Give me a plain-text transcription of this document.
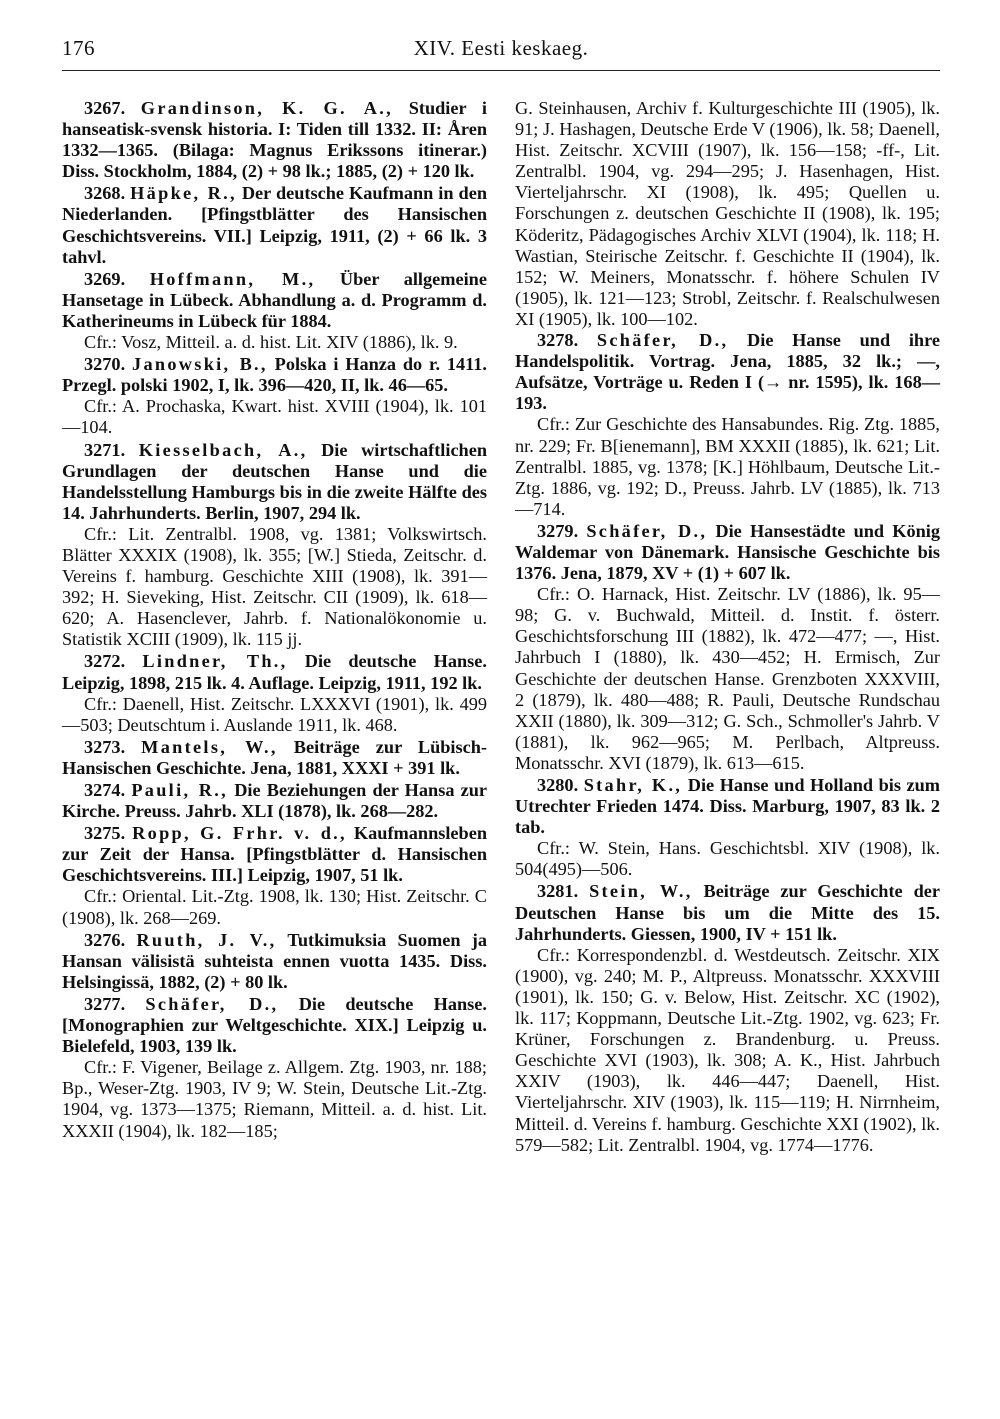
176	XIV. Eesti keskaeg.

3267. Grandinson, K. G. A., Studier i hanseatisk-svensk historia. I: Tiden till 1332. II: Åren 1332—1365. (Bilaga: Magnus Erikssons itinerar.) Diss. Stockholm, 1884, (2) + 98 lk.; 1885, (2) + 120 lk.

3268. Häpke, R., Der deutsche Kaufmann in den Niederlanden. [Pfingstblätter des Hansischen Geschichtsvereins. VII.] Leipzig, 1911, (2) + 66 lk. 3 tahvl.

3269. Hoffmann, M., Über allgemeine Hansetage in Lübeck. Abhandlung a. d. Programm d. Katherineums in Lübeck für 1884.

Cfr.: Vosz, Mitteil. a. d. hist. Lit. XIV (1886), lk. 9.

3270. Janowski, B., Polska i Hanza do r. 1411. Przegl. polski 1902, I, lk. 396—420, II, lk. 46—65.

Cfr.: A. Prochaska, Kwart. hist. XVIII (1904), lk. 101—104.

3271. Kiesselbach, A., Die wirtschaftlichen Grundlagen der deutschen Hanse und die Handelsstellung Hamburgs bis in die zweite Hälfte des 14. Jahrhunderts. Berlin, 1907, 294 lk.

Cfr.: Lit. Zentralbl. 1908, vg. 1381; Volkswirtsch. Blätter XXXIX (1908), lk. 355; [W.] Stieda, Zeitschr. d. Vereins f. hamburg. Geschichte XIII (1908), lk. 391—392; H. Sieveking, Hist. Zeitschr. CII (1909), lk. 618—620; A. Hasenclever, Jahrb. f. Nationalökonomie u. Statistik XCIII (1909), lk. 115 jj.

3272. Lindner, Th., Die deutsche Hanse. Leipzig, 1898, 215 lk. 4. Auflage. Leipzig, 1911, 192 lk.

Cfr.: Daenell, Hist. Zeitschr. LXXXVI (1901), lk. 499—503; Deutschtum i. Auslande 1911, lk. 468.

3273. Mantels, W., Beiträge zur Lübisch-Hansischen Geschichte. Jena, 1881, XXXI + 391 lk.

3274. Pauli, R., Die Beziehungen der Hansa zur Kirche. Preuss. Jahrb. XLI (1878), lk. 268—282.

3275. Ropp, G. Frhr. v. d., Kaufmannsleben zur Zeit der Hansa. [Pfingstblätter d. Hansischen Geschichtsvereins. III.] Leipzig, 1907, 51 lk.

Cfr.: Oriental. Lit.-Ztg. 1908, lk. 130; Hist. Zeitschr. C (1908), lk. 268—269.

3276. Ruuth, J. V., Tutkimuksia Suomen ja Hansan välisistä suhteista ennen vuotta 1435. Diss. Helsingissä, 1882, (2) + 80 lk.

3277. Schäfer, D., Die deutsche Hanse. [Monographien zur Weltgeschichte. XIX.] Leipzig u. Bielefeld, 1903, 139 lk.

Cfr.: F. Vigener, Beilage z. Allgem. Ztg. 1903, nr. 188; Bp., Weser-Ztg. 1903, IV 9; W. Stein, Deutsche Lit.-Ztg. 1904, vg. 1373—1375; Riemann, Mitteil. a. d. hist. Lit. XXXII (1904), lk. 182—185;

G. Steinhausen, Archiv f. Kulturgeschichte III (1905), lk. 91; J. Hashagen, Deutsche Erde V (1906), lk. 58; Daenell, Hist. Zeitschr. XCVIII (1907), lk. 156—158; -ff-, Lit. Zentralbl. 1904, vg. 294—295; J. Hasenhagen, Hist. Vierteljahrschr. XI (1908), lk. 495; Quellen u. Forschungen z. deutschen Geschichte II (1908), lk. 195; Köderitz, Pädagogisches Archiv XLVI (1904), lk. 118; H. Wastian, Steirische Zeitschr. f. Geschichte II (1904), lk. 152; W. Meiners, Monatsschr. f. höhere Schulen IV (1905), lk. 121—123; Strobl, Zeitschr. f. Realschulwesen XI (1905), lk. 100—102.

3278. Schäfer, D., Die Hanse und ihre Handelspolitik. Vortrag. Jena, 1885, 32 lk.; —, Aufsätze, Vorträge u. Reden I (→ nr. 1595), lk. 168—193.

Cfr.: Zur Geschichte des Hansabundes. Rig. Ztg. 1885, nr. 229; Fr. B[ienemann], BM XXXII (1885), lk. 621; Lit. Zentralbl. 1885, vg. 1378; [K.] Höhlbaum, Deutsche Lit.-Ztg. 1886, vg. 192; D., Preuss. Jahrb. LV (1885), lk. 713—714.

3279. Schäfer, D., Die Hansestädte und König Waldemar von Dänemark. Hansische Geschichte bis 1376. Jena, 1879, XV + (1) + 607 lk.

Cfr.: O. Harnack, Hist. Zeitschr. LV (1886), lk. 95—98; G. v. Buchwald, Mitteil. d. Instit. f. österr. Geschichtsforschung III (1882), lk. 472—477; —, Hist. Jahrbuch I (1880), lk. 430—452; H. Ermisch, Zur Geschichte der deutschen Hanse. Grenzboten XXXVIII, 2 (1879), lk. 480—488; R. Pauli, Deutsche Rundschau XXII (1880), lk. 309—312; G. Sch., Schmoller's Jahrb. V (1881), lk. 962—965; M. Perlbach, Altpreuss. Monatsschr. XVI (1879), lk. 613—615.

3280. Stahr, K., Die Hanse und Holland bis zum Utrechter Frieden 1474. Diss. Marburg, 1907, 83 lk. 2 tab.

Cfr.: W. Stein, Hans. Geschichtsbl. XIV (1908), lk. 504(495)—506.

3281. Stein, W., Beiträge zur Geschichte der Deutschen Hanse bis um die Mitte des 15. Jahrhunderts. Giessen, 1900, IV + 151 lk.

Cfr.: Korrespondenzbl. d. Westdeutsch. Zeitschr. XIX (1900), vg. 240; M. P., Altpreuss. Monatsschr. XXXVIII (1901), lk. 150; G. v. Below, Hist. Zeitschr. XC (1902), lk. 117; Koppmann, Deutsche Lit.-Ztg. 1902, vg. 623; Fr. Krüner, Forschungen z. Brandenburg. u. Preuss. Geschichte XVI (1903), lk. 308; A. K., Hist. Jahrbuch XXIV (1903), lk. 446—447; Daenell, Hist. Vierteljahrschr. XIV (1903), lk. 115—119; H. Nirrnheim, Mitteil. d. Vereins f. hamburg. Geschichte XXI (1902), lk. 579—582; Lit. Zentralbl. 1904, vg. 1774—1776.
